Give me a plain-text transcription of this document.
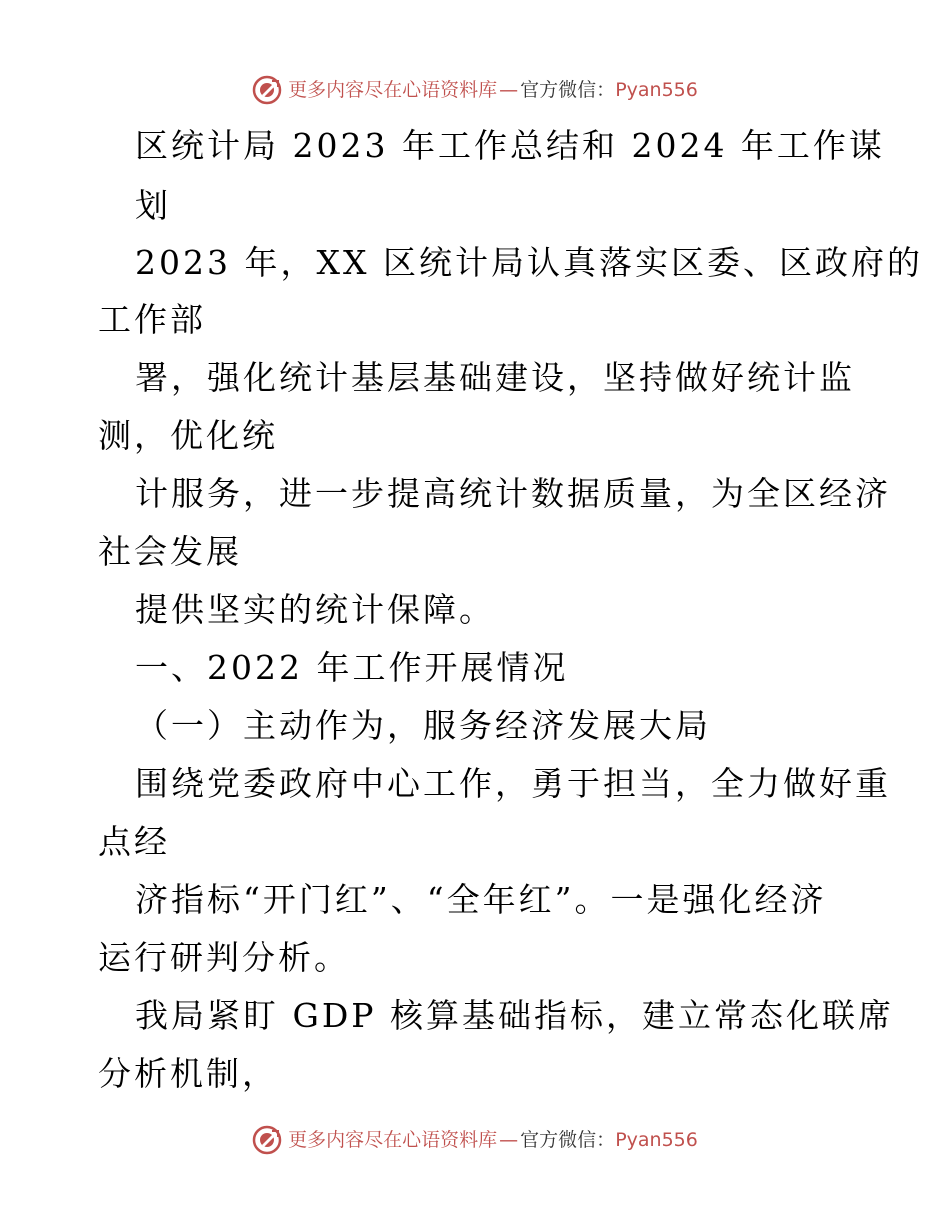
更多内容尽在心语资料库 — 官方微信： Pyan556
区统计局 2023 年工作总结和 2024 年工作谋
划

2023 年，XX 区统计局认真落实区委、区政府的

工作部

署，强化统计基层基础建设，坚持做好统计监

测，优化统

计服务，进一步提高统计数据质量，为全区经济

社会发展

提供坚实的统计保障。

一、2022 年工作开展情况
（一）主动作为，服务经济发展大局

围绕党委政府中心工作，勇于担当，全力做好重

点经

济指标“开门红”、“全年红”。一是强化经济

运行研判分析。

我局紧盯 GDP 核算基础指标，建立常态化联席

分析机制，

更多内容尽在心语资料库 — 官方微信： Pyan556
